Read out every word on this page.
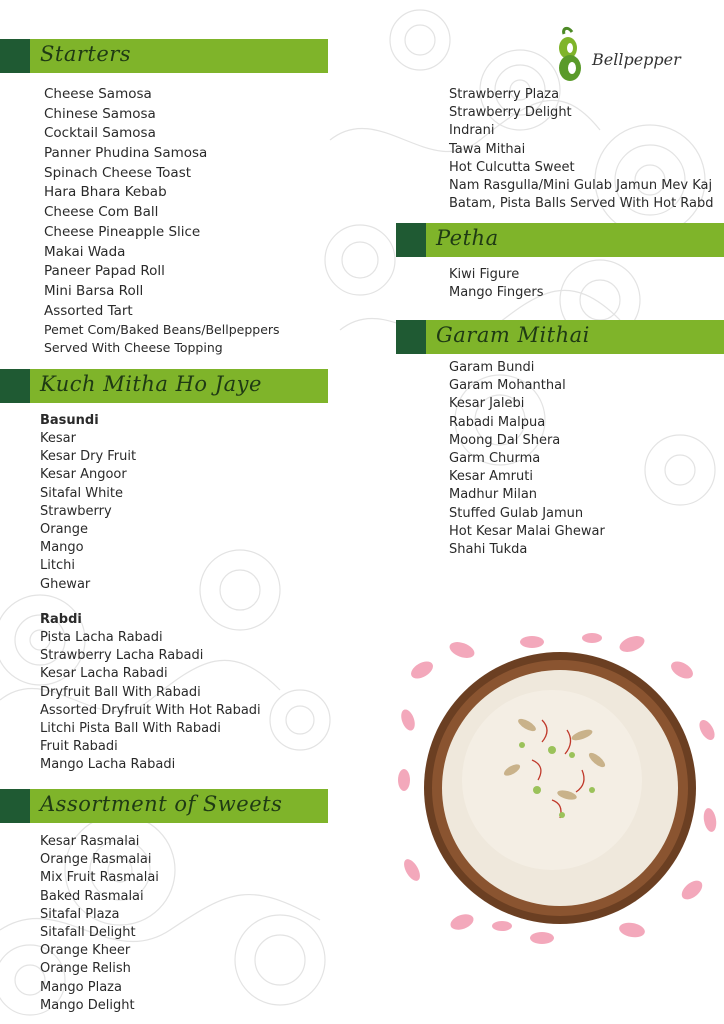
Bellpepper
Starters
Cheese Samosa
Chinese Samosa
Cocktail Samosa
Panner Phudina Samosa
Spinach Cheese Toast
Hara Bhara Kebab
Cheese Com Ball
Cheese Pineapple Slice
Makai Wada
Paneer Papad Roll
Mini Barsa Roll
Assorted Tart
Pemet Com/Baked Beans/Bellpeppers
Served With Cheese Topping
Kuch Mitha Ho Jaye
Basundi
Kesar
Kesar Dry Fruit
Kesar Angoor
Sitafal White
Strawberry
Orange
Mango
Litchi
Ghewar
Rabdi
Pista Lacha Rabadi
Strawberry Lacha Rabadi
Kesar Lacha Rabadi
Dryfruit Ball With Rabadi
Assorted Dryfruit With Hot Rabadi
Litchi Pista Ball With Rabadi
Fruit Rabadi
Mango Lacha Rabadi
Assortment of Sweets
Kesar Rasmalai
Orange Rasmalai
Mix Fruit Rasmalai
Baked Rasmalai
Sitafal Plaza
Sitafall Delight
Orange Kheer
Orange Relish
Mango Plaza
Mango Delight
Strawberry Plaza
Strawberry Delight
Indrani
Tawa Mithai
Hot Culcutta Sweet
Nam Rasgulla/Mini Gulab Jamun Mev Kaj
Batam, Pista Balls Served With Hot Rabd
Petha
Kiwi Figure
Mango Fingers
Garam Mithai
Garam Bundi
Garam Mohanthal
Kesar Jalebi
Rabadi Malpua
Moong Dal Shera
Garm Churma
Kesar Amruti
Madhur Milan
Stuffed Gulab Jamun
Hot Kesar Malai Ghewar
Shahi Tukda
